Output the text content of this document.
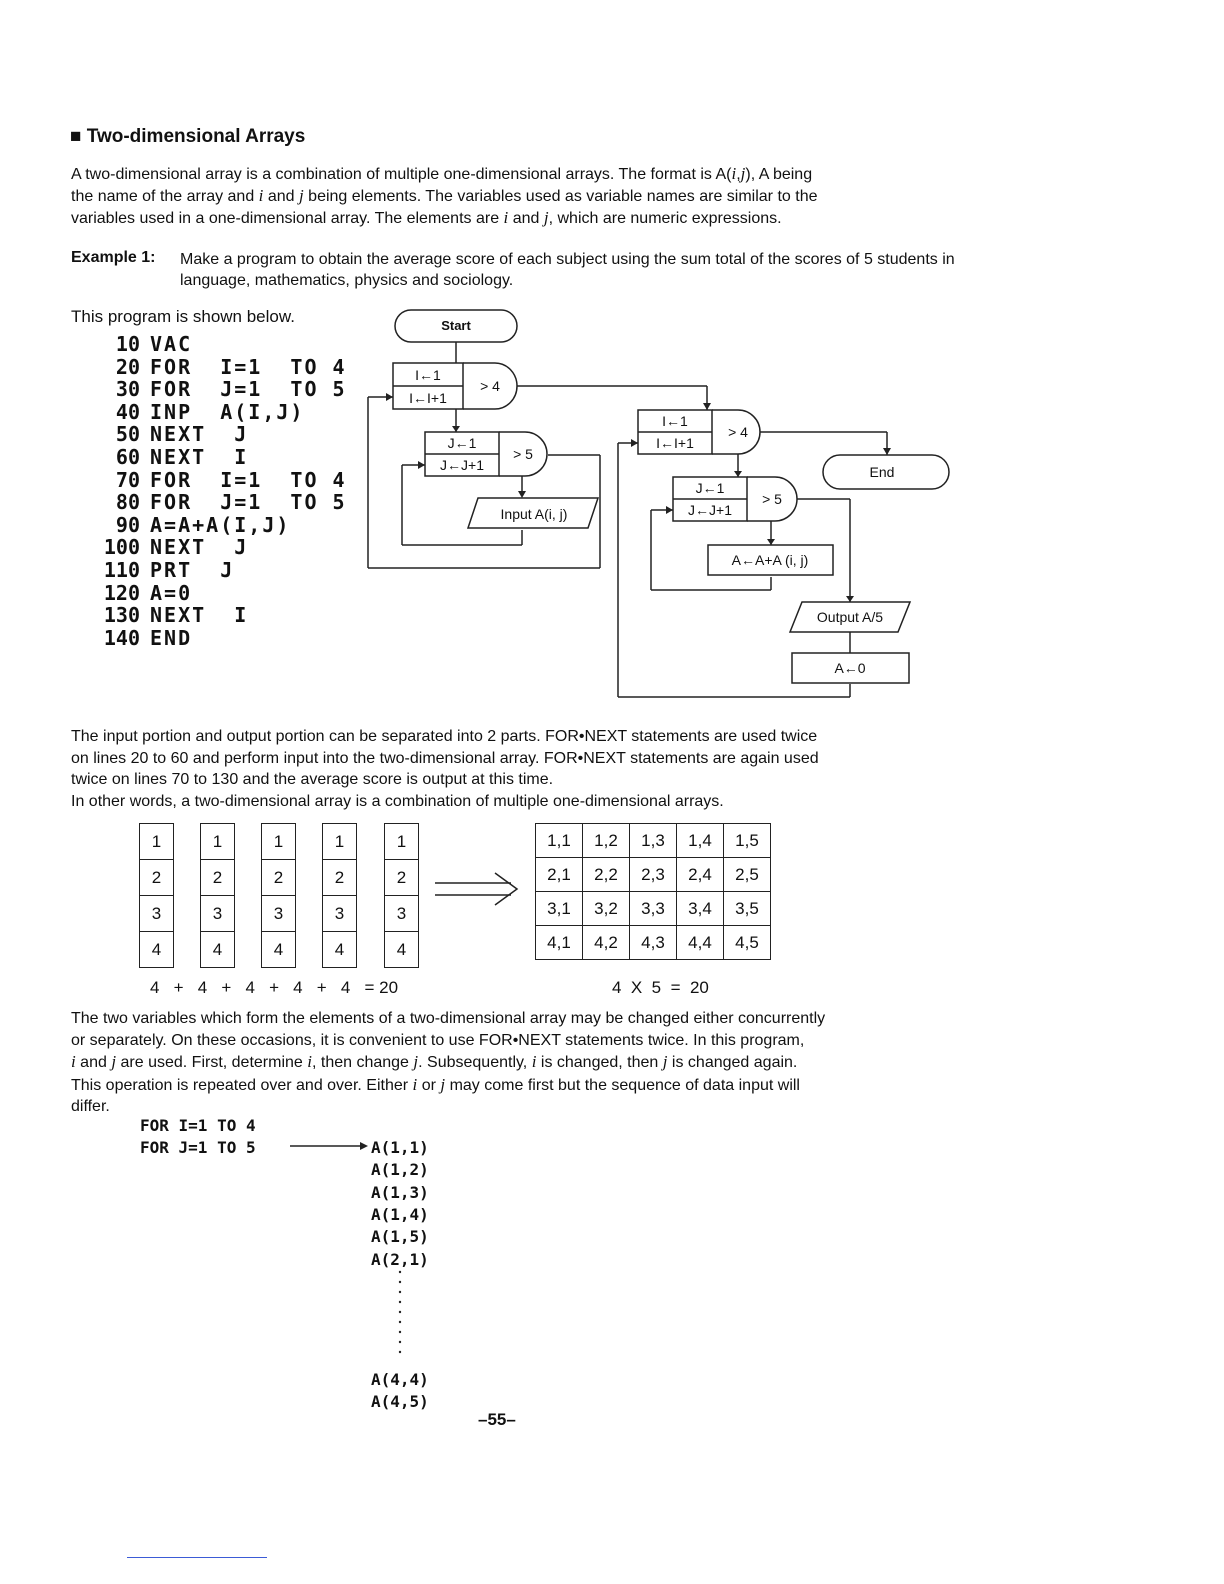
■ Two-dimensional Arrays
A two-dimensional array is a combination of multiple one-dimensional arrays. The format is A(i,j), A being
the name of the array and i and j being elements. The variables used as variable names are similar to the
variables used in a one-dimensional array. The elements are i and j, which are numeric expressions.
Example 1: Make a program to obtain the average score of each subject using the sum total of the scores of 5 students in language, mathematics, physics and sociology.
This program is shown below.
10 VAC
20 FOR  I=1  TO 4
30 FOR  J=1  TO 5
40 INP  A(I,J)
50 NEXT  J
60 NEXT  I
70 FOR  I=1  TO 4
80 FOR  J=1  TO 5
90 A=A+A(I,J)
100 NEXT  J
110 PRT  J
120 A=0
130 NEXT  I
140 END
Start
I←1
I←I+1
> 4
J←1
J←J+1
> 5
Input A(i, j)
I←1
I←I+1
> 4
End
J←1
J←J+1
> 5
A←A+A (i, j)
Output A/5
A←0
The input portion and output portion can be separated into 2 parts. FOR•NEXT statements are used twice
on lines 20 to 60 and perform input into the two-dimensional array. FOR•NEXT statements are again used
twice on lines 70 to 130 and the average score is output at this time.
In other words, a two-dimensional array is a combination of multiple one-dimensional arrays.
1
2
3
4
1
2
3
4
1
2
3
4
1
2
3
4
1
2
3
4
1,1	1,2	1,3	1,4	1,5
2,1	2,2	2,3	2,4	2,5
3,1	3,2	3,3	3,4	3,5
4,1	4,2	4,3	4,4	4,5
4   +   4   +   4   +   4   +   4   = 20	4  X  5  =  20
The two variables which form the elements of a two-dimensional array may be changed either concurrently
or separately. On these occasions, it is convenient to use FOR•NEXT statements twice. In this program,
i and j are used. First, determine i, then change j. Subsequently, i is changed, then j is changed again.
This operation is repeated over and over. Either i or j may come first but the sequence of data input will
differ.
FOR I=1 TO 4
FOR J=1 TO 5	A(1,1)
A(1,2)
A(1,3)
A(1,4)
A(1,5)
A(2,1)
A(4,4)
A(4,5)
–55–
